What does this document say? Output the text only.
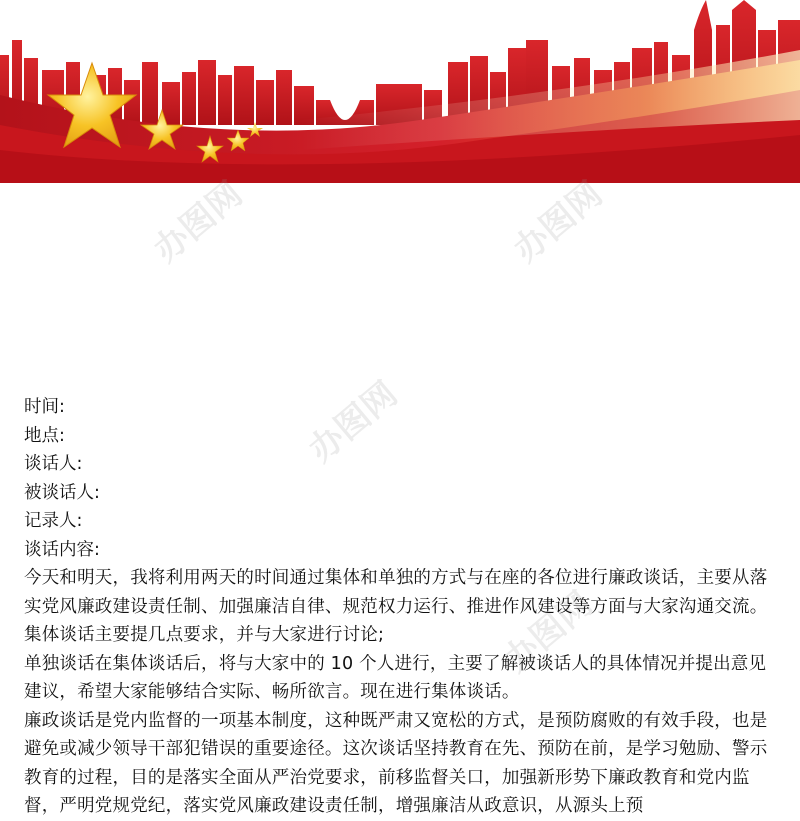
办图网	办图网
办图网
办图网

时间:

地点:

谈话人:

被谈话人:

记录人:

谈话内容:

今天和明天，我将利用两天的时间通过集体和单独的方式与在座的各位进行廉政谈话，主要从落实党风廉政建设责任制、加强廉洁自律、规范权力运行、推进作风建设等方面与大家沟通交流。集体谈话主要提几点要求，并与大家进行讨论;

单独谈话在集体谈话后，将与大家中的 10 个人进行，主要了解被谈话人的具体情况并提出意见建议，希望大家能够结合实际、畅所欲言。现在进行集体谈话。

廉政谈话是党内监督的一项基本制度，这种既严肃又宽松的方式，是预防腐败的有效手段，也是避免或减少领导干部犯错误的重要途径。这次谈话坚持教育在先、预防在前，是学习勉励、警示教育的过程，目的是落实全面从严治党要求，前移监督关口，加强新形势下廉政教育和党内监督，严明党规党纪，落实党风廉政建设责任制，增强廉洁从政意识，从源头上预
